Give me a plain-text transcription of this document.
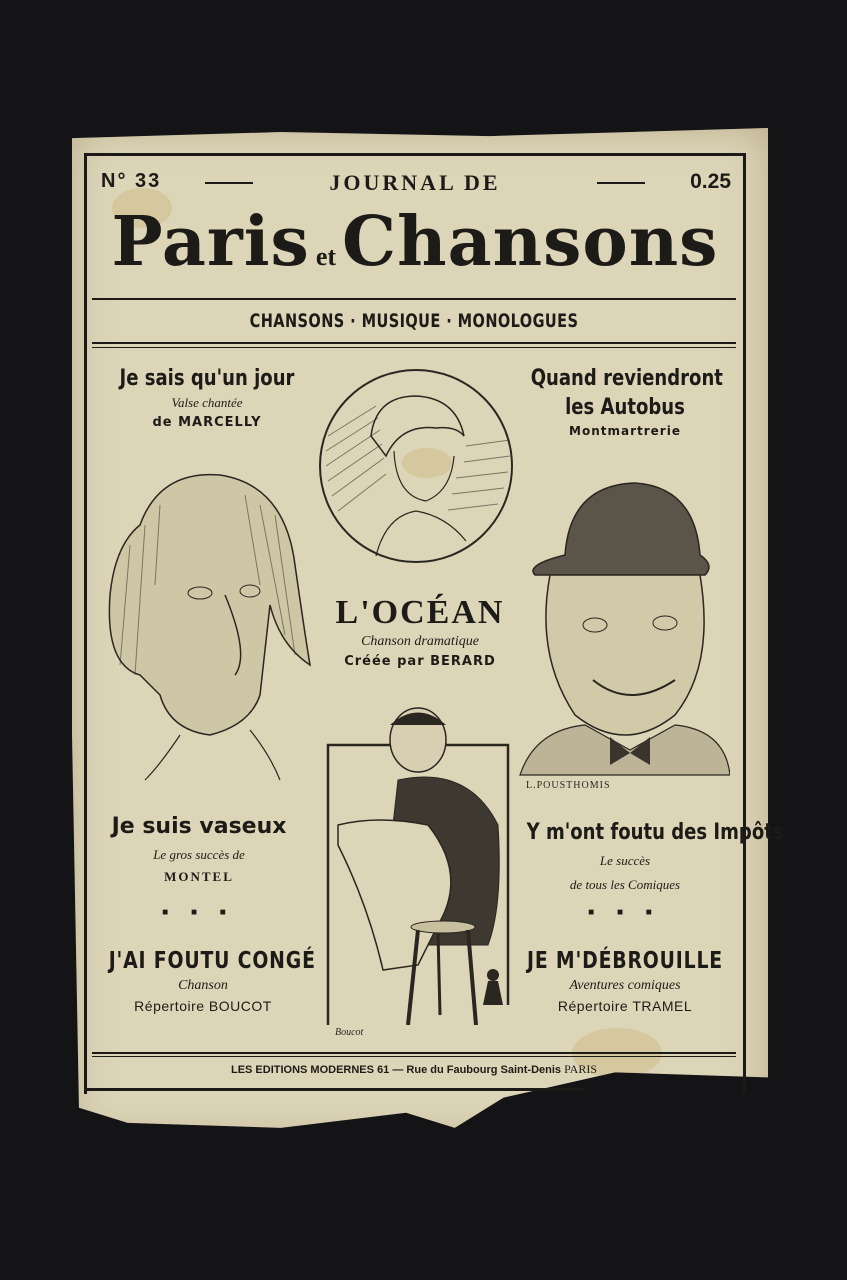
N° 33	JOURNAL DE	0.25
Paris etChansons
CHANSONS · MUSIQUE · MONOLOGUES
Je sais qu'un jour
Valse chantée
de MARCELLY
Quand reviendront
les Autobus
Montmartrerie
L.POUSTHOMIS
L'OCÉAN
Chanson dramatique
Créée par BERARD
Boucot
Je suis vaseux
Le gros succès de
MONTEL
■ ■ ■
Y m'ont foutu des Impôts
Le succès
de tous les Comiques
■ ■ ■
J'AI FOUTU CONGÉ
Chanson
Répertoire BOUCOT
JE M'DÉBROUILLE
Aventures comiques
Répertoire TRAMEL
LES EDITIONS MODERNES 61 — Rue du Faubourg Saint-Denis PARIS
